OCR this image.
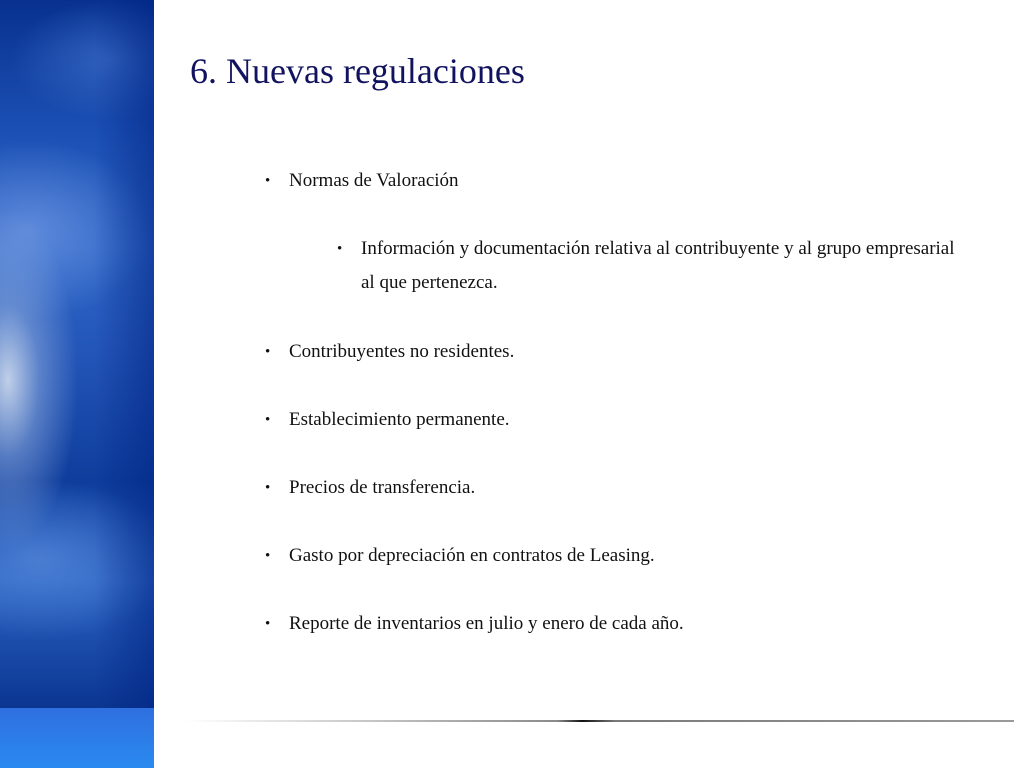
6. Nuevas regulaciones
• Normas de Valoración
• Información y documentación relativa al contribuyente y al grupo empresarial al que pertenezca.
• Contribuyentes no residentes.
• Establecimiento permanente.
• Precios de transferencia.
• Gasto por depreciación en contratos de Leasing.
• Reporte de inventarios en julio y enero de cada año.
